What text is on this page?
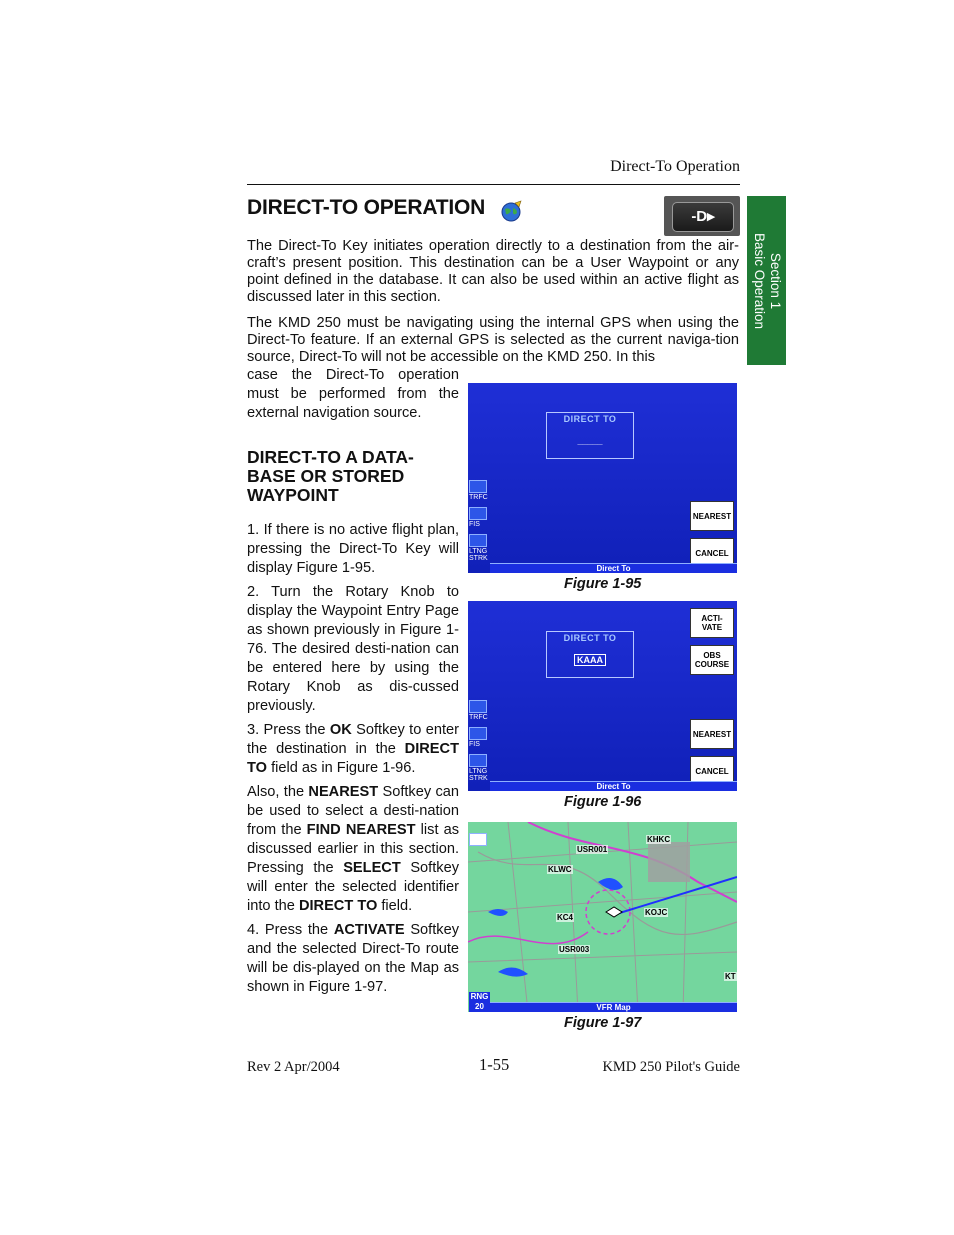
Direct-To Operation
Section 1
Basic Operation
DIRECT-TO OPERATION	-D▸
The Direct-To Key initiates operation directly to a destination from the air-craft’s present position. This destination can be a User Waypoint or any point defined in the database. It can also be used within an active flight as discussed later in this section.
The KMD 250 must be navigating using the internal GPS when using the Direct-To feature. If an external GPS is selected as the current naviga-tion source, Direct-To will not be accessible on the KMD 250. In this
case the Direct-To operation must be performed from the external navigation source.
DIRECT-TO A DATA-BASE OR STORED WAYPOINT

1. If there is no active flight plan, pressing the Direct-To Key will display Figure 1-95.

2. Turn the Rotary Knob to display the Waypoint Entry Page as shown previously in Figure 1-76. The desired desti-nation can be entered here by using the Rotary Knob as dis-cussed previously.

3. Press the OK Softkey to enter the destination in the DIRECT TO field as in Figure 1-96.

Also, the NEAREST Softkey can be used to select a desti-nation from the FIND NEAREST list as discussed earlier in this section. Pressing the SELECT Softkey will enter the selected identifier into the DIRECT TO field.

4. Press the ACTIVATE Softkey and the selected Direct-To route will be dis-played on the Map as shown in Figure 1-97.

DIRECT TO
_____
TRFC
FIS
LTNG
STRK
NEAREST
CANCEL
Direct To
Figure 1-95
DIRECT TO
KAAA
TRFC
FIS
LTNG
STRK
ACTI-
VATE
OBS
COURSE
NEAREST
CANCEL
Direct To
Figure 1-96
KHKC
USR001
KLWC
USR003
KOJC
KC4
KT
RNG
20	VFR Map
Figure 1-97
Rev 2 Apr/2004	1-55	KMD 250 Pilot's Guide
